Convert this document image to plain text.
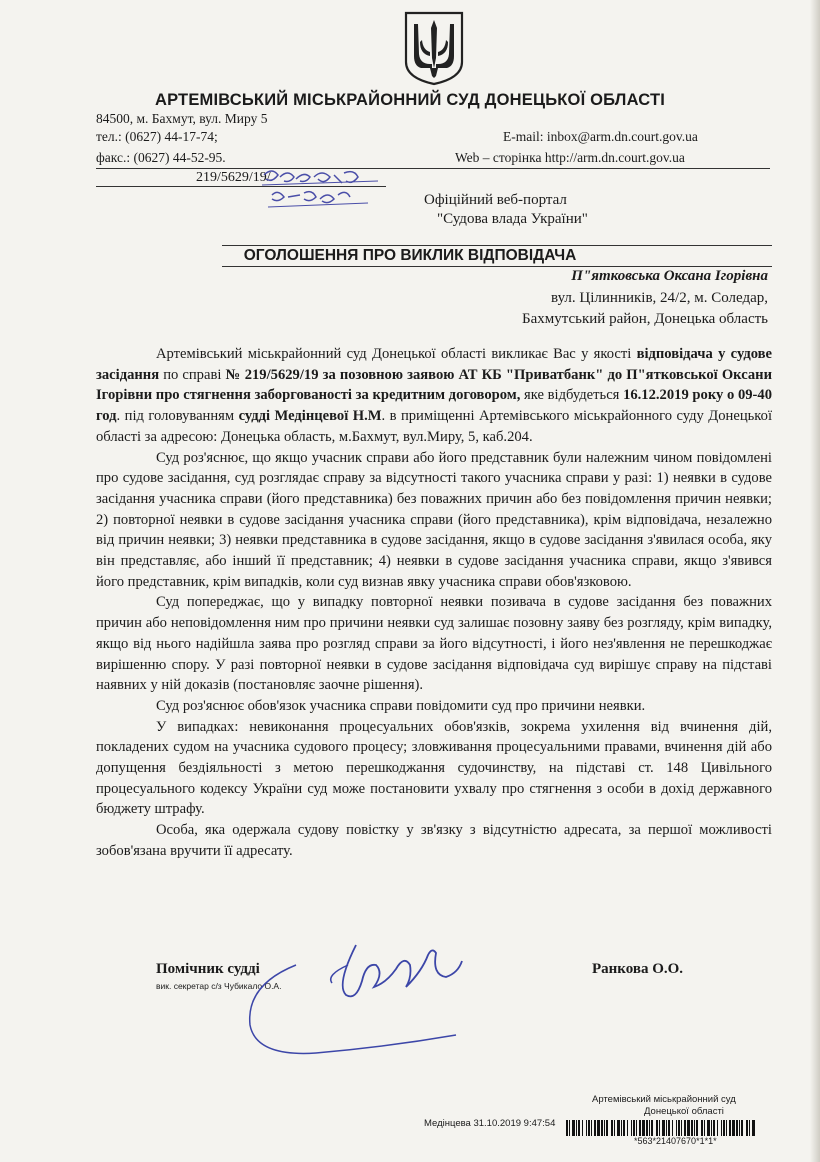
АРТЕМІВСЬКИЙ МІСЬКРАЙОННИЙ СУД ДОНЕЦЬКОЇ ОБЛАСТІ
84500, м. Бахмут, вул. Миру 5
тел.: (0627) 44-17-74;
факс.: (0627) 44-52-95.
E-mail: inbox@arm.dn.court.gov.ua
Web – сторінка http://arm.dn.court.gov.ua
219/5629/19/
Офіційний веб-портал
"Судова влада України"
ОГОЛОШЕННЯ ПРО ВИКЛИК ВІДПОВІДАЧА
П"ятковська Оксана Ігорівна
вул. Цілинників, 24/2, м. Соледар,
Бахмутський район, Донецька область

Артемівський міськрайонний суд Донецької області викликає Вас у якості відповідача у судове засідання по справі № 219/5629/19 за позовною заявою АТ КБ "Приватбанк" до П"ятковської Оксани Ігорівни про стягнення заборгованості за кредитним договором, яке відбудеться 16.12.2019 року о 09-40 год. під головуванням судді Медінцевої Н.М. в приміщенні Артемівського міськрайонного суду Донецької області за адресою: Донецька область, м.Бахмут, вул.Миру, 5, каб.204.

Суд роз'яснює, що якщо учасник справи або його представник були належним чином повідомлені про судове засідання, суд розглядає справу за відсутності такого учасника справи у разі: 1) неявки в судове засідання учасника справи (його представника) без поважних причин або без повідомлення причин неявки; 2) повторної неявки в судове засідання учасника справи (його представника), крім відповідача, незалежно від причин неявки; 3) неявки представника в судове засідання, якщо в судове засідання з'явилася особа, яку він представляє, або інший її представник; 4) неявки в судове засідання учасника справи, якщо з'явився його представник, крім випадків, коли суд визнав явку учасника справи обов'язковою.

Суд попереджає, що у випадку повторної неявки позивача в судове засідання без поважних причин або неповідомлення ним про причини неявки суд залишає позовну заяву без розгляду, крім випадку, якщо від нього надійшла заява про розгляд справи за його відсутності, і його нез'явлення не перешкоджає вирішенню спору. У разі повторної неявки в судове засідання відповідача суд вирішує справу на підставі наявних у ній доказів (постановляє заочне рішення).

Суд роз'яснює обов'язок учасника справи повідомити суд про причини неявки.

У випадках: невиконання процесуальних обов'язків, зокрема ухилення від вчинення дій, покладених судом на учасника судового процесу; зловживання процесуальними правами, вчинення дій або допущення бездіяльності з метою перешкоджання судочинству, на підставі ст. 148 Цивільного процесуального кодексу України суд може постановити ухвалу про стягнення з особи в дохід державного бюджету штрафу.

Особа, яка одержала судову повістку у зв'язку з відсутністю адресата, за першої можливості зобов'язана вручити її адресату.

Помічник судді
вик. секретар с/з Чубикало О.А.
Ранкова О.О.
Артемівський міськрайонний суд
Донецької області
Медінцева 31.10.2019 9:47:54
*563*21407670*1*1*
